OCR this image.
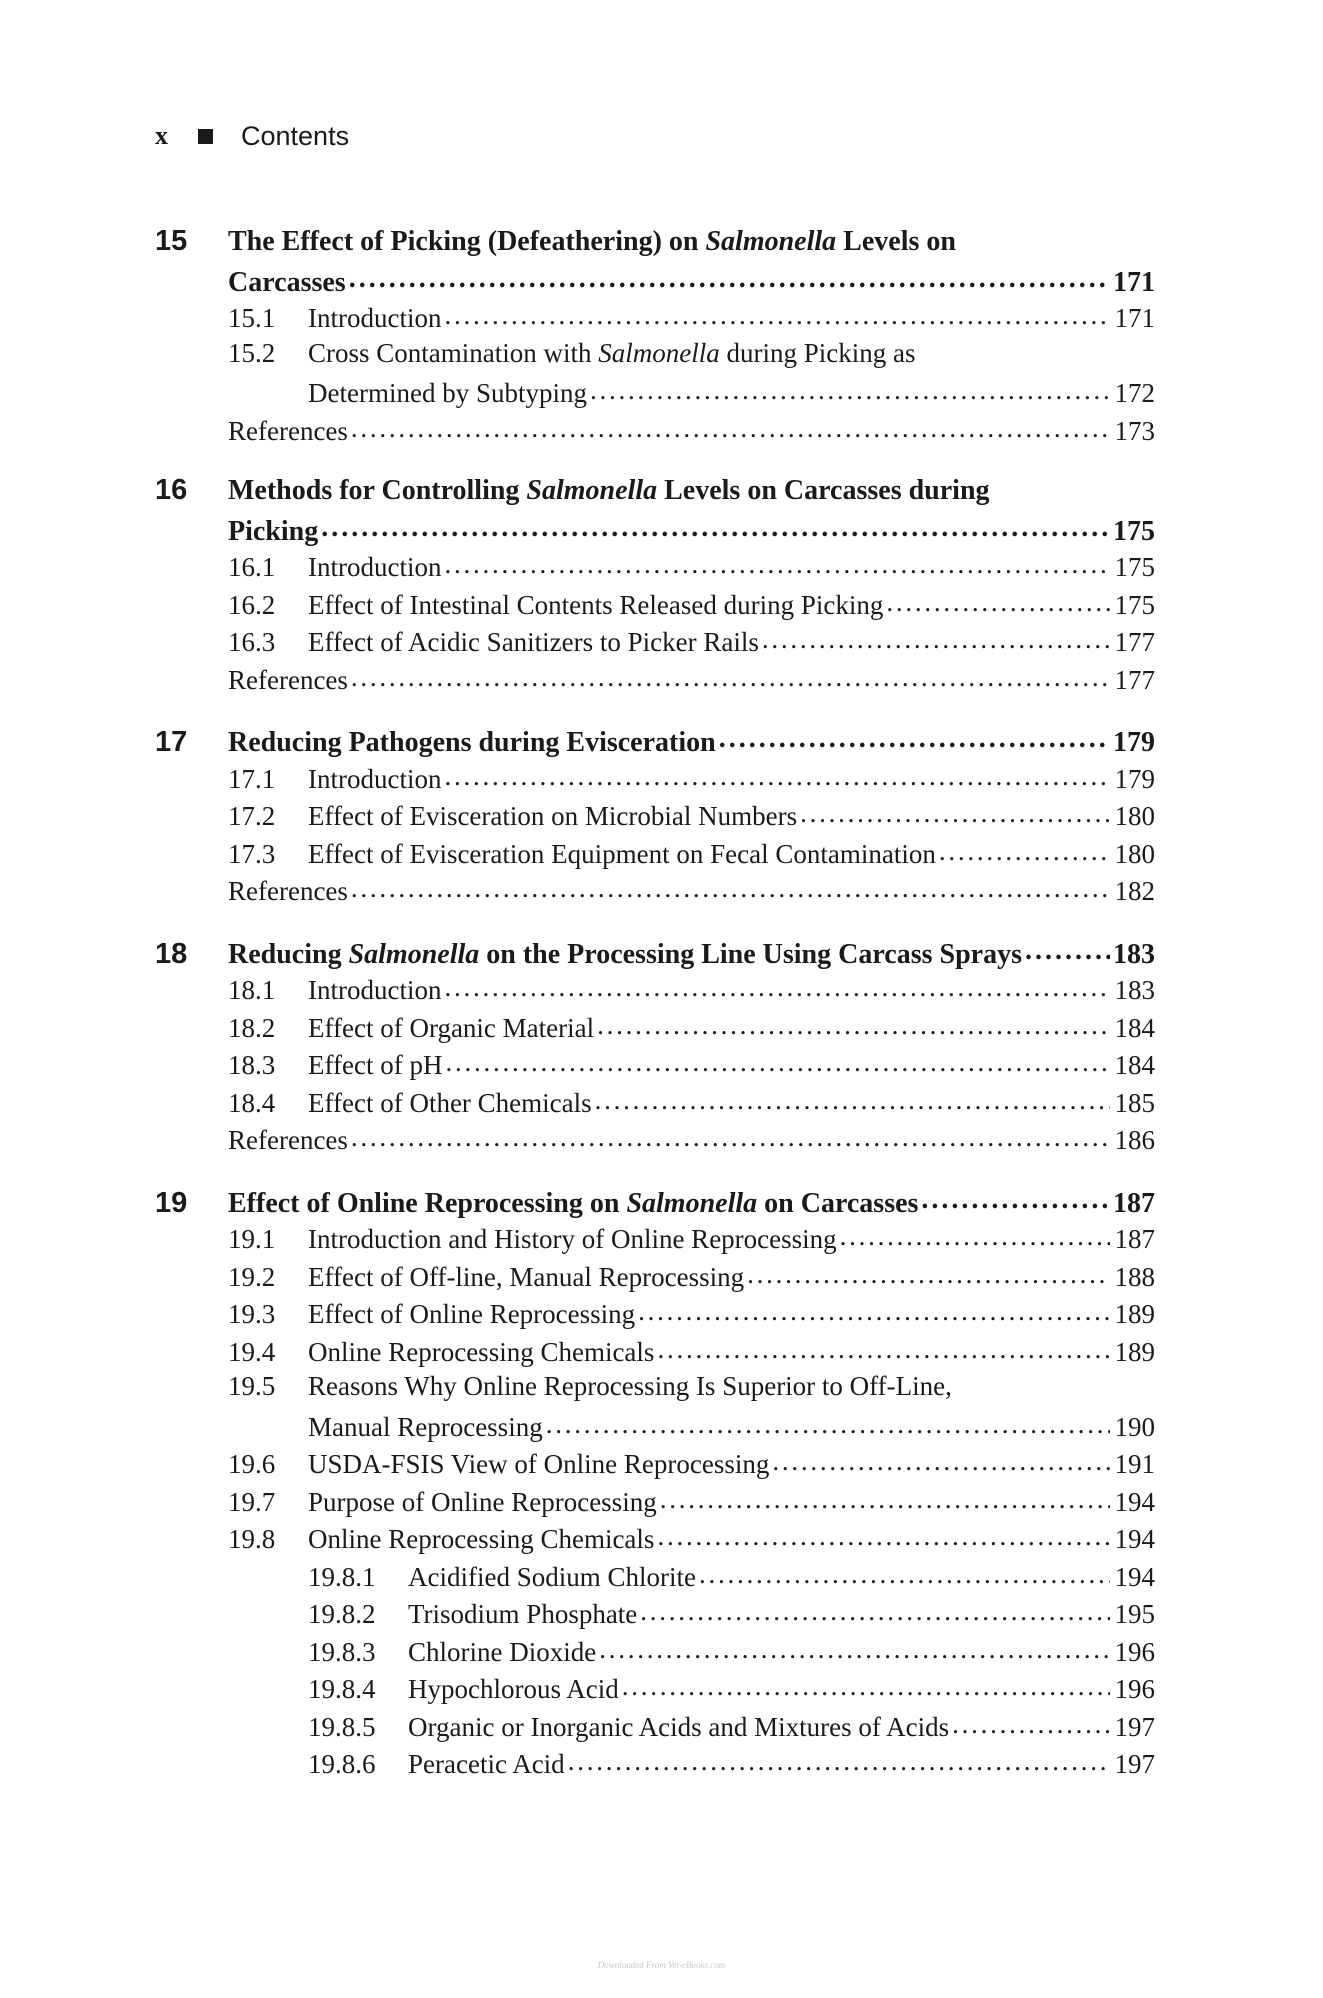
x	Contents
15	The Effect of Picking (Defeathering) on Salmonella Levels on
Carcasses . . .	171
15.1	Introduction . . .	171
15.2	Cross Contamination with Salmonella during Picking as
Determined by Subtyping . . .	172
References . . .	173
16	Methods for Controlling Salmonella Levels on Carcasses during
Picking . . .	175
16.1	Introduction . . .	175
16.2	Effect of Intestinal Contents Released during Picking . . .	175
16.3	Effect of Acidic Sanitizers to Picker Rails . . .	177
References . . .	177
17	Reducing Pathogens during Evisceration . . .	179
17.1	Introduction . . .	179
17.2	Effect of Evisceration on Microbial Numbers . . .	180
17.3	Effect of Evisceration Equipment on Fecal Contamination . . .	180
References . . .	182
18	Reducing Salmonella on the Processing Line Using Carcass Sprays . . .	183
18.1	Introduction . . .	183
18.2	Effect of Organic Material . . .	184
18.3	Effect of pH . . .	184
18.4	Effect of Other Chemicals . . .	185
References . . .	186
19	Effect of Online Reprocessing on Salmonella on Carcasses . . .	187
19.1	Introduction and History of Online Reprocessing . . .	187
19.2	Effect of Off-line, Manual Reprocessing . . .	188
19.3	Effect of Online Reprocessing . . .	189
19.4	Online Reprocessing Chemicals . . .	189
19.5	Reasons Why Online Reprocessing Is Superior to Off-Line,
Manual Reprocessing . . .	190
19.6	USDA-FSIS View of Online Reprocessing . . .	191
19.7	Purpose of Online Reprocessing . . .	194
19.8	Online Reprocessing Chemicals . . .	194
19.8.1	Acidified Sodium Chlorite . . .	194
19.8.2	Trisodium Phosphate . . .	195
19.8.3	Chlorine Dioxide . . .	196
19.8.4	Hypochlorous Acid . . .	196
19.8.5	Organic or Inorganic Acids and Mixtures of Acids . . .	197
19.8.6	Peracetic Acid . . .	197
Downloaded From Vet-eBooks.com
